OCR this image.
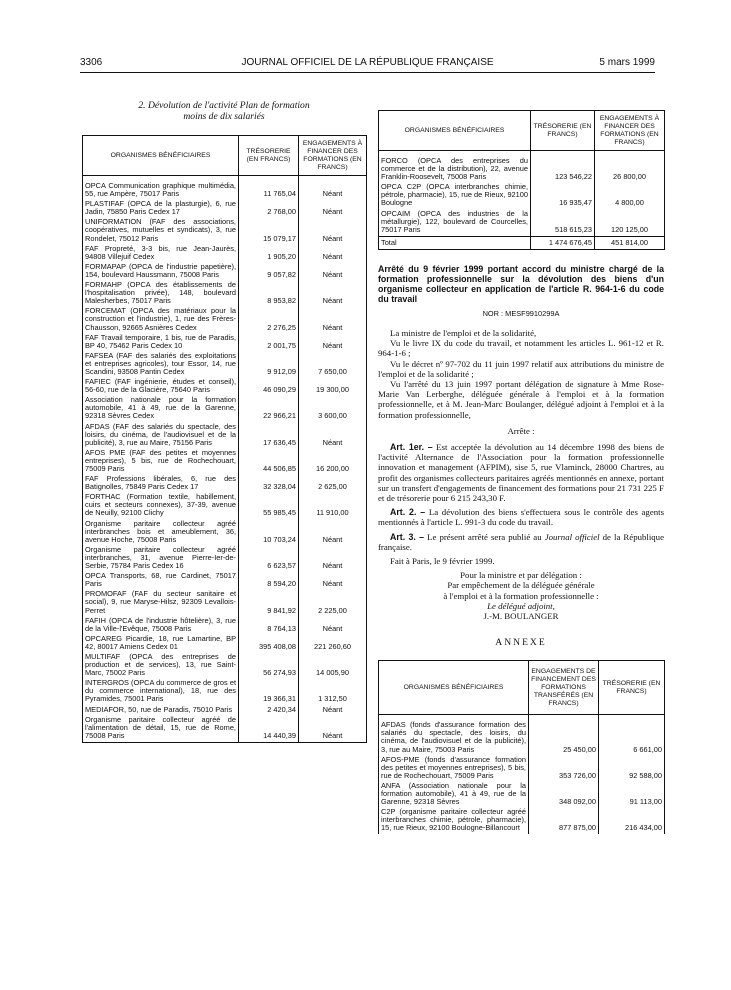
3306	JOURNAL OFFICIEL DE LA RÉPUBLIQUE FRANÇAISE	5 mars 1999
2. Dévolution de l'activité Plan de formation
moins de dix salariés
ORGANISMES BÉNÉFICIAIRES	TRÉSORERIE (EN FRANCS)	ENGAGEMENTS À FINANCER DES FORMATIONS (EN FRANCS)

OPCA Communication graphique multimédia, 55, rue Ampère, 75017 Paris	11 765,04	Néant
PLASTIFAF (OPCA de la plasturgie), 6, rue Jadin, 75850 Paris Cedex 17	2 768,00	Néant
UNIFORMATION (FAF des associations, coopératives, mutuelles et syndicats), 3, rue Rondelet, 75012 Paris	15 079,17	Néant
FAF Propreté, 3-3 bis, rue Jean-Jaurès, 94808 Villejuif Cedex	1 905,20	Néant
FORMAPAP (OPCA de l'industrie papetière), 154, boulevard Haussmann, 75008 Paris	9 057,82	Néant
FORMAHP (OPCA des établissements de l'hospitalisation privée), 148, boulevard Malesherbes, 75017 Paris	8 953,82	Néant
FORCEMAT (OPCA des matériaux pour la construction et l'industrie), 1, rue des Frères-Chausson, 92665 Asnières Cedex	2 276,25	Néant
FAF Travail temporaire, 1 bis, rue de Paradis, BP 40, 75462 Paris Cedex 10	2 001,75	Néant
FAFSEA (FAF des salariés des exploitations et entreprises agricoles), tour Essor, 14, rue Scandini, 93508 Pantin Cedex	9 912,09	7 650,00
FAFIEC (FAF ingénierie, études et conseil), 56-60, rue de la Glacière, 75640 Paris	46 090,29	19 300,00
Association nationale pour la formation automobile, 41 à 49, rue de la Garenne, 92318 Sèvres Cedex	22 966,21	3 600,00
AFDAS (FAF des salariés du spectacle, des loisirs, du cinéma, de l'audiovisuel et de la publicité), 3, rue au Maire, 75156 Paris	17 636,45	Néant
AFOS PME (FAF des petites et moyennes entreprises), 5 bis, rue de Rochechouart, 75009 Paris	44 506,85	16 200,00
FAF Professions libérales, 6, rue des Batignolles, 75849 Paris Cedex 17	32 328,04	2 625,00
FORTHAC (Formation textile, habillement, cuirs et secteurs connexes), 37-39, avenue de Neuilly, 92100 Clichy	55 985,45	11 910,00
Organisme paritaire collecteur agréé interbranches bois et ameublement, 36, avenue Hoche, 75008 Paris	10 703,24	Néant
Organisme paritaire collecteur agréé interbranches, 31, avenue Pierre-Ier-de-Serbie, 75784 Paris Cedex 16	6 623,57	Néant
OPCA Transports, 68, rue Cardinet, 75017 Paris	8 594,20	Néant
PROMOFAF (FAF du secteur sanitaire et social), 9, rue Maryse-Hilsz, 92309 Levallois-Perret	9 841,92	2 225,00
FAFIH (OPCA de l'industrie hôtelière), 3, rue de la Ville-l'Evêque, 75008 Paris	8 764,13	Néant
OPCAREG Picardie, 18, rue Lamartine, BP 42, 80017 Amiens Cedex 01	395 408,08	221 260,60
MULTIFAF (OPCA des entreprises de production et de services), 13, rue Saint-Marc, 75002 Paris	56 274,93	14 005,90
INTERGROS (OPCA du commerce de gros et du commerce international), 18, rue des Pyramides, 75001 Paris	19 366,31	1 312,50
MEDIAFOR, 50, rue de Paradis, 75010 Paris	2 420,34	Néant
Organisme paritaire collecteur agréé de l'alimentation de détail, 15, rue de Rome, 75008 Paris	14 440,39	Néant
ORGANISMES BÉNÉFICIAIRES	TRÉSORERIE (EN FRANCS)	ENGAGEMENTS À FINANCER DES FORMATIONS (EN FRANCS)

FORCO (OPCA des entreprises du commerce et de la distribution), 22, avenue Franklin-Roosevelt, 75008 Paris	123 546,22	26 800,00
OPCA C2P (OPCA interbranches chimie, pétrole, pharmacie), 15, rue de Rieux, 92100 Boulogne	16 935,47	4 800,00
OPCAIM (OPCA des industries de la métallurgie), 122, boulevard de Courcelles, 75017 Paris	518 615,23	120 125,00
Total	1 474 676,45	451 814,00
Arrêté du 9 février 1999 portant accord du ministre chargé de la formation professionnelle sur la dévolution des biens d'un organisme collecteur en application de l'article R. 964-1-6 du code du travail
NOR : MESF9910299A

La ministre de l'emploi et de la solidarité,

Vu le livre IX du code du travail, et notamment les articles L. 961-12 et R. 964-1-6 ;

Vu le décret nº 97-702 du 11 juin 1997 relatif aux attributions du ministre de l'emploi et de la solidarité ;

Vu l'arrêté du 13 juin 1997 portant délégation de signature à Mme Rose-Marie Van Lerberghe, déléguée générale à l'emploi et à la formation professionnelle, et à M. Jean-Marc Boulanger, délégué adjoint à l'emploi et à la formation professionnelle,

Arrête :

Art. 1er. – Est acceptée la dévolution au 14 décembre 1998 des biens de l'activité Alternance de l'Association pour la formation professionnelle innovation et management (AFPIM), sise 5, rue Vlaminck, 28000 Chartres, au profit des organismes collecteurs paritaires agréés mentionnés en annexe, portant sur un transfert d'engagements de financement des formations pour 21 731 225 F et de trésorerie pour 6 215 243,30 F.

Art. 2. – La dévolution des biens s'effectuera sous le contrôle des agents mentionnés à l'article L. 991-3 du code du travail.

Art. 3. – Le présent arrêté sera publié au Journal officiel de la République française.

Fait à Paris, le 9 février 1999.

Pour la ministre et par délégation :

Par empêchement de la déléguée générale

à l'emploi et à la formation professionnelle :

Le délégué adjoint,

J.-M. BOULANGER

ANNEXE
ORGANISMES BÉNÉFICIAIRES	ENGAGEMENTS DE FINANCEMENT DES FORMATIONS TRANSFÉRÉS (EN FRANCS)	TRÉSORERIE (EN FRANCS)

AFDAS (fonds d'assurance formation des salariés du spectacle, des loisirs, du cinéma, de l'audiovisuel et de la publicité), 3, rue au Maire, 75003 Paris	25 450,00	6 661,00
AFOS-PME (fonds d'assurance formation des petites et moyennes entreprises), 5 bis, rue de Rochechouart, 75009 Paris	353 726,00	92 588,00
ANFA (Association nationale pour la formation automobile), 41 à 49, rue de la Garenne, 92318 Sèvres	348 092,00	91 113,00
C2P (organisme paritaire collecteur agréé interbranches chimie, pétrole, pharmacie), 15, rue Rieux, 92100 Boulogne-Billancourt	877 875,00	216 434,00
